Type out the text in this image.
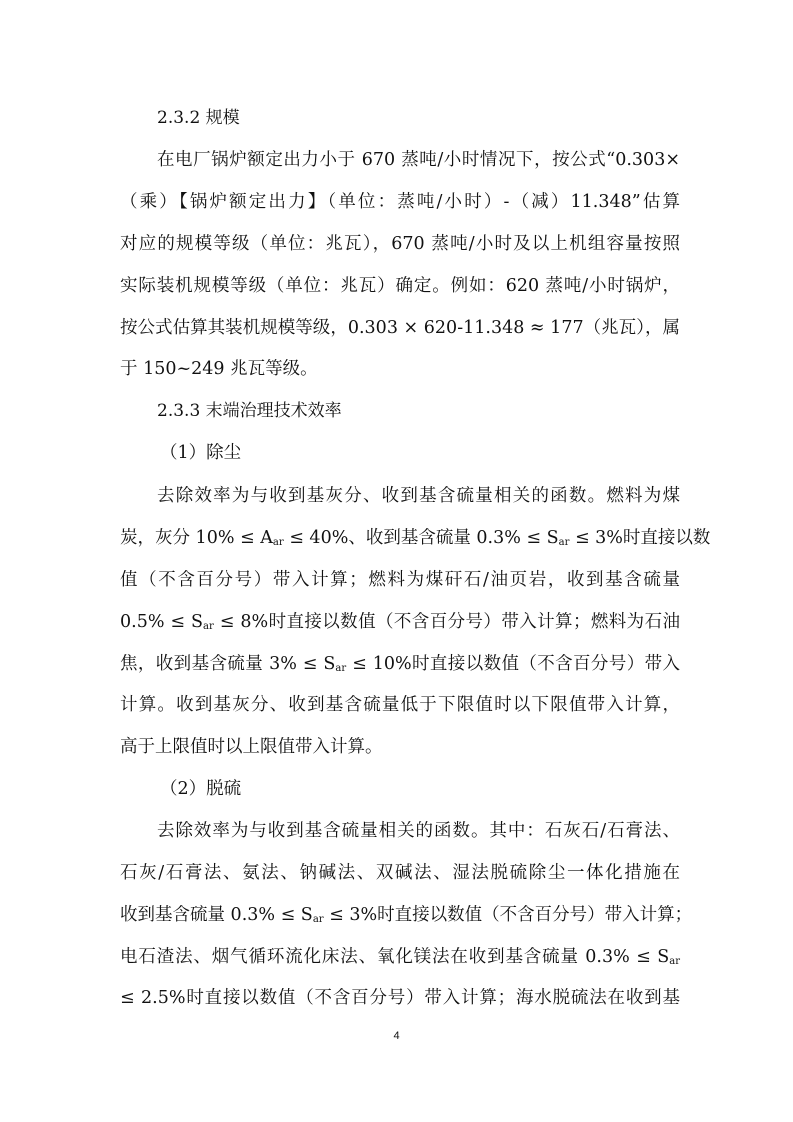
2.3.2 规模
在电厂锅炉额定出力小于 670 蒸吨/小时情况下，按公式“0.303×
（乘）【锅炉额定出力】（单位：蒸吨/小时）-（减）11.348”估算
对应的规模等级（单位：兆瓦），670 蒸吨/小时及以上机组容量按照
实际装机规模等级（单位：兆瓦）确定。例如：620 蒸吨/小时锅炉，
按公式估算其装机规模等级，0.303 × 620-11.348 ≈ 177（兆瓦），属
于 150~249 兆瓦等级。
2.3.3 末端治理技术效率
（1）除尘
去除效率为与收到基灰分、收到基含硫量相关的函数。燃料为煤
炭，灰分 $10\% \le A_{ar} \le 40\%$、收到基含硫量 $0.3\% \le S_{ar} \le 3\%$时直接以数
值（不含百分号）带入计算；燃料为煤矸石/油页岩，收到基含硫量
$0.5\% \le S_{ar} \le 8\%$时直接以数值（不含百分号）带入计算；燃料为石油
焦，收到基含硫量 $3\% \le S_{ar} \le 10\%$时直接以数值（不含百分号）带入
计算。收到基灰分、收到基含硫量低于下限值时以下限值带入计算，
高于上限值时以上限值带入计算。
（2）脱硫
去除效率为与收到基含硫量相关的函数。其中：石灰石/石膏法、
石灰/石膏法、氨法、钠碱法、双碱法、湿法脱硫除尘一体化措施在
收到基含硫量 $0.3\% \le S_{ar} \le 3\%$时直接以数值（不含百分号）带入计算；
电石渣法、烟气循环流化床法、氧化镁法在收到基含硫量 $0.3\% \le S_{ar}$
≤ 2.5%时直接以数值（不含百分号）带入计算；海水脱硫法在收到基
4
